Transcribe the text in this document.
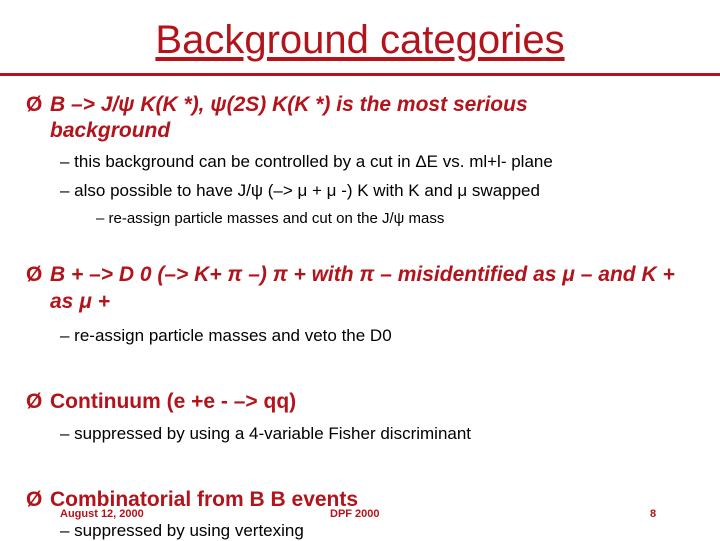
Background categories
Ø B –> J/ψ K(K *), ψ(2S) K(K *) is the most serious
background
– this background can be controlled by a cut in ΔE vs. ml+l- plane
– also possible to have J/ψ (–> μ + μ -) K with K and μ swapped
– re-assign particle masses and cut on the J/ψ mass
Ø B + –> D 0 (–> K+ π –) π + with π – misidentified as μ – and K +
as μ +
– re-assign particle masses and veto the D0
Ø Continuum (e +e - –> qq)
– suppressed by using a 4-variable Fisher discriminant
Ø Combinatorial from B B events
– suppressed by using vertexing
August 12, 2000	DPF 2000	8
